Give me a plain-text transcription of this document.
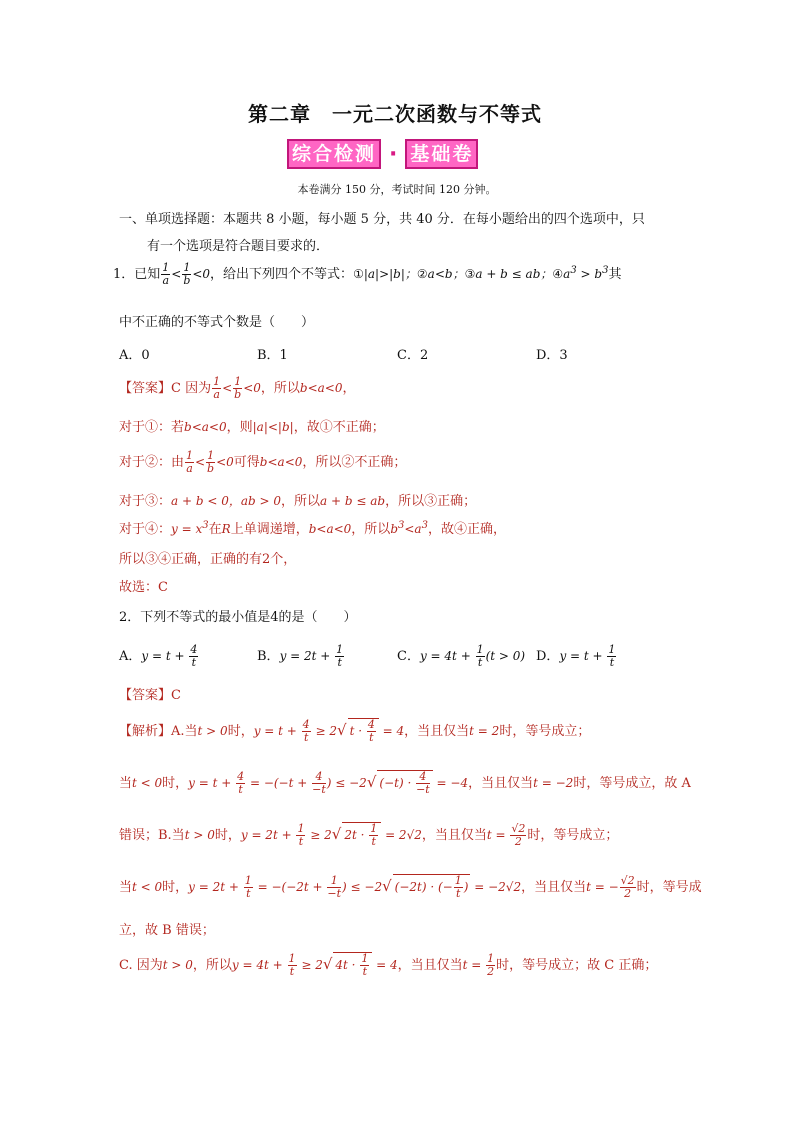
第二章　一元二次函数与不等式
综合检测 · 基础卷
本卷满分 150 分，考试时间 120 分钟。
一、单项选择题：本题共 8 小题，每小题 5 分，共 40 分．在每小题给出的四个选项中，只
有一个选项是符合题目要求的．
1．已知 $\frac{1}{a} < \frac{1}{b} <0$，给出下列四个不等式：①|a|>|b|；②a<b；③a + b ≤ ab；$④a^3 > b^3$其
中不正确的不等式个数是（　　）
A．0	B．1	C．2	D．3
【答案】C 因为 $\frac{1}{a} < \frac{1}{b} <0$，所以b<a<0，
对于①：若b<a<0，则|a|<|b|，故①不正确；
对于②：由 $\frac{1}{a} < \frac{1}{b} <0$可得b<a<0，所以②不正确；
对于③：a + b < 0，ab > 0，所以a + b ≤ ab，所以③正确；
对于④：$y = x^3$在R上单调递增，b<a<0，所以$b^3<a^3$，故④正确，
所以③④正确，正确的有2个，
故选：C
2．下列不等式的最小值是4的是（　　）
A．$y = t + \frac{4}{t}$	B．$y = 2t + \frac{1}{t}$	C．$y = 4t + \frac{1}{t} (t > 0)$ D．$y = t + \frac{1}{t}$
【答案】C
【解析】A.当t > 0时，$y = t + \frac{4}{t} \ge 2√$ $t \cdot \frac{4}{t} = 4$，当且仅当t = 2时，等号成立；
当t < 0时，$y = t + \frac{4}{t} = -(-t + \frac{4}{-t}$ ) ≤ −2√ $(-t) \cdot \frac{4}{-t} = -4$，当且仅当t = −2时，等号成立，故 A
错误；B.当t > 0时，$y = 2t + \frac{1}{t} \ge 2√$ $2t \cdot \frac{1}{t} = 2√2$，当且仅当$t = \frac{√2}{2}$ 时，等号成立；
当t < 0时，$y = 2t + \frac{1}{t} = -(-2t + \frac{1}{-t}$ ) ≤ −2√ (−2t) · (− $\frac{1}{t}$ ) = −2√2，当且仅当t = − $\frac{√2}{2}$ 时，等号成
立，故 B 错误；
C. 因为t > 0，所以$y = 4t + \frac{1}{t} \ge 2√$ $4t \cdot \frac{1}{t} = 4$，当且仅当$t = \frac{1}{2}$ 时，等号成立；故 C 正确；
